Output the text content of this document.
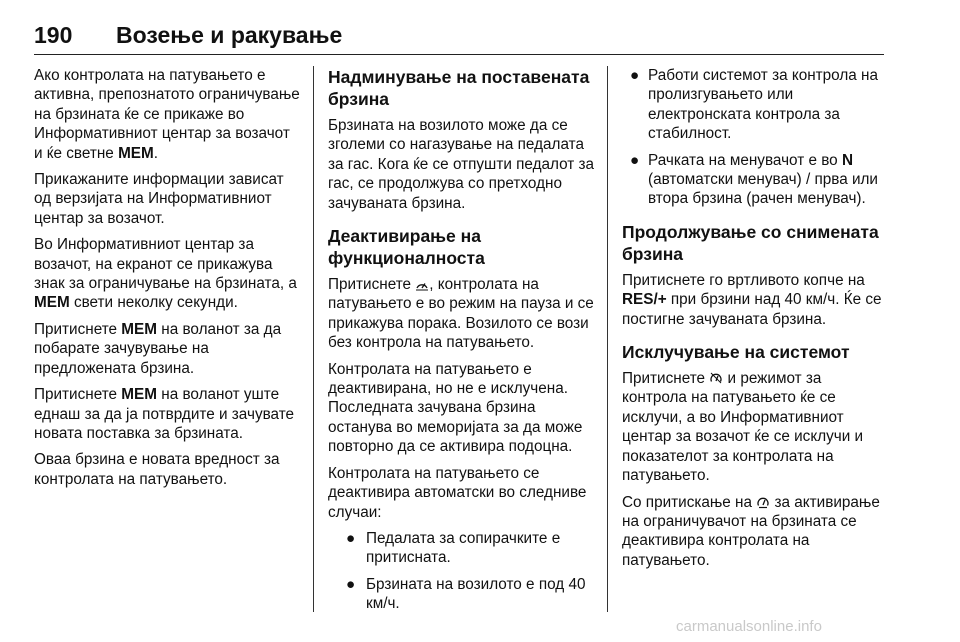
190 Возење и ракување

Ако контролата на патувањето е активна, препознатото ограничување на брзината ќе се прикаже во Информативниот центар за возачот и ќе светне MEM.

Прикажаните информации зависат од верзијата на Информативниот центар за возачот.

Во Информативниот центар за возачот, на екранот се прикажува знак за ограничување на брзината, а MEM свети неколку секунди.

Притиснете MEM на воланот за да побарате зачувување на предложената брзина.

Притиснете MEM на воланот уште еднаш за да ја потврдите и зачувате новата поставка за брзината.

Оваа брзина е новата вредност за контролата на патувањето.

Надминување на поставената брзина

Брзината на возилото може да се зголеми со нагазување на педалата за гас. Кога ќе се отпушти педалот за гас, се продолжува со претходно зачуваната брзина.

Деактивирање на функционалноста

Притиснете , контролата на патувањето е во режим на пауза и се прикажува порака. Возилото се вози без контрола на патувањето.

Контролата на патувањето е деактивирана, но не е исклучена. Последната зачувана брзина останува во меморијата за да може повторно да се активира подоцна.

Контролата на патувањето се деактивира автоматски во следниве случаи:

● Педалата за сопирачките е притисната.
● Брзината на возилото е под 40 км/ч.
● Работи системот за контрола на пролизгувањето или електронската контрола за стабилност.
● Рачката на менувачот е во N (автоматски менувач) / прва или втора брзина (рачен менувач).
Продолжување со снимената брзина

Притиснете го вртливото копче на RES/+ при брзини над 40 км/ч. Ќе се постигне зачуваната брзина.

Исклучување на системот

Притиснете  и режимот за контрола на патувањето ќе се исклучи, а во Информативниот центар за возачот ќе се исклучи и показателот за контролата на патувањето.

Со притискање на  за активирање на ограничувачот на брзината се деактивира контролата на патувањето.

carmanualsonline.info
